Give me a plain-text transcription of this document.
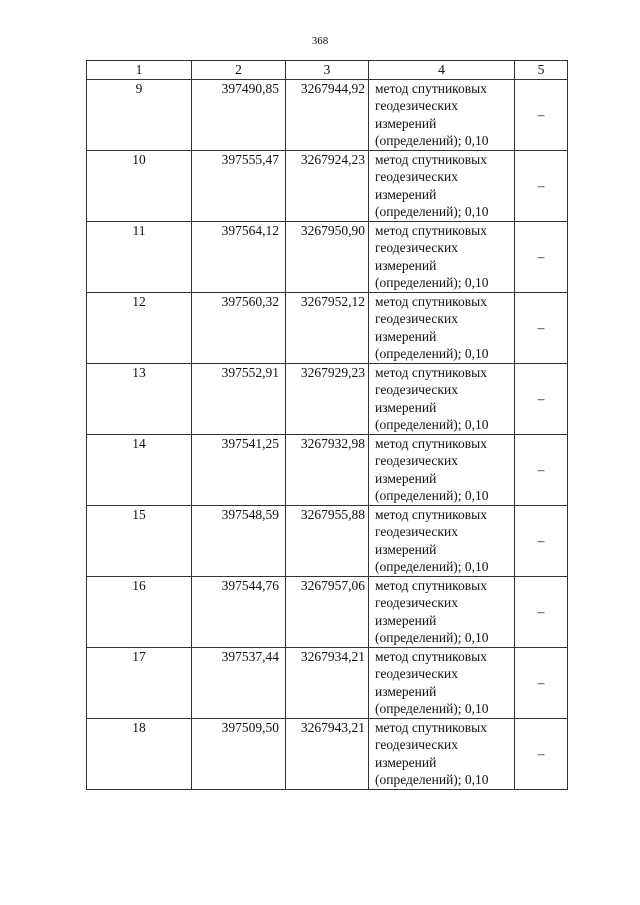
368
1	2	3	4	5
9	397490,85	3267944,92	метод спутниковых
геодезических
измерений
(определений); 0,10	–
10	397555,47	3267924,23	метод спутниковых
геодезических
измерений
(определений); 0,10	–
11	397564,12	3267950,90	метод спутниковых
геодезических
измерений
(определений); 0,10	–
12	397560,32	3267952,12	метод спутниковых
геодезических
измерений
(определений); 0,10	–
13	397552,91	3267929,23	метод спутниковых
геодезических
измерений
(определений); 0,10	–
14	397541,25	3267932,98	метод спутниковых
геодезических
измерений
(определений); 0,10	–
15	397548,59	3267955,88	метод спутниковых
геодезических
измерений
(определений); 0,10	–
16	397544,76	3267957,06	метод спутниковых
геодезических
измерений
(определений); 0,10	–
17	397537,44	3267934,21	метод спутниковых
геодезических
измерений
(определений); 0,10	–
18	397509,50	3267943,21	метод спутниковых
геодезических
измерений
(определений); 0,10	–
